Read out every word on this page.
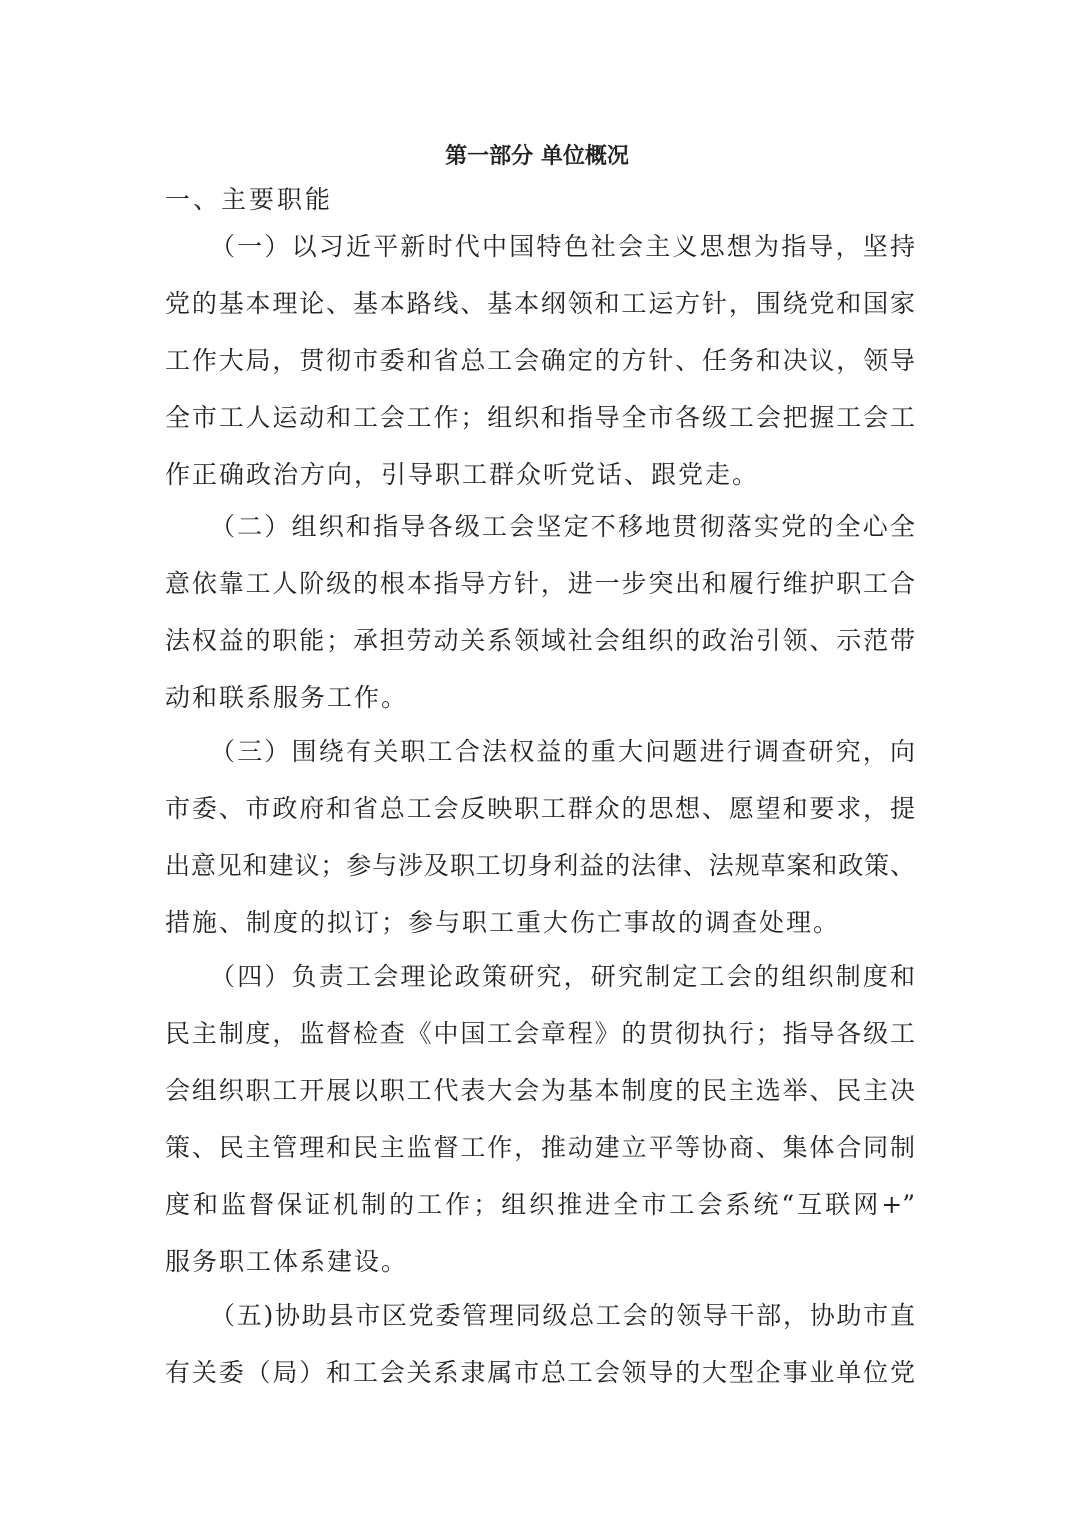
第一部分 单位概况
一、主要职能
（一）以习近平新时代中国特色社会主义思想为指导，坚持
党的基本理论、基本路线、基本纲领和工运方针，围绕党和国家
工作大局，贯彻市委和省总工会确定的方针、任务和决议，领导
全市工人运动和工会工作；组织和指导全市各级工会把握工会工
作正确政治方向，引导职工群众听党话、跟党走。
（二）组织和指导各级工会坚定不移地贯彻落实党的全心全
意依靠工人阶级的根本指导方针，进一步突出和履行维护职工合
法权益的职能；承担劳动关系领域社会组织的政治引领、示范带
动和联系服务工作。
（三）围绕有关职工合法权益的重大问题进行调查研究，向
市委、市政府和省总工会反映职工群众的思想、愿望和要求，提
出意见和建议；参与涉及职工切身利益的法律、法规草案和政策、
措施、制度的拟订；参与职工重大伤亡事故的调查处理。
（四）负责工会理论政策研究，研究制定工会的组织制度和
民主制度，监督检查《中国工会章程》的贯彻执行；指导各级工
会组织职工开展以职工代表大会为基本制度的民主选举、民主决
策、民主管理和民主监督工作，推动建立平等协商、集体合同制
度和监督保证机制的工作；组织推进全市工会系统“互联网+”
服务职工体系建设。
（五)协助县市区党委管理同级总工会的领导干部，协助市直
有关委（局）和工会关系隶属市总工会领导的大型企事业单位党
